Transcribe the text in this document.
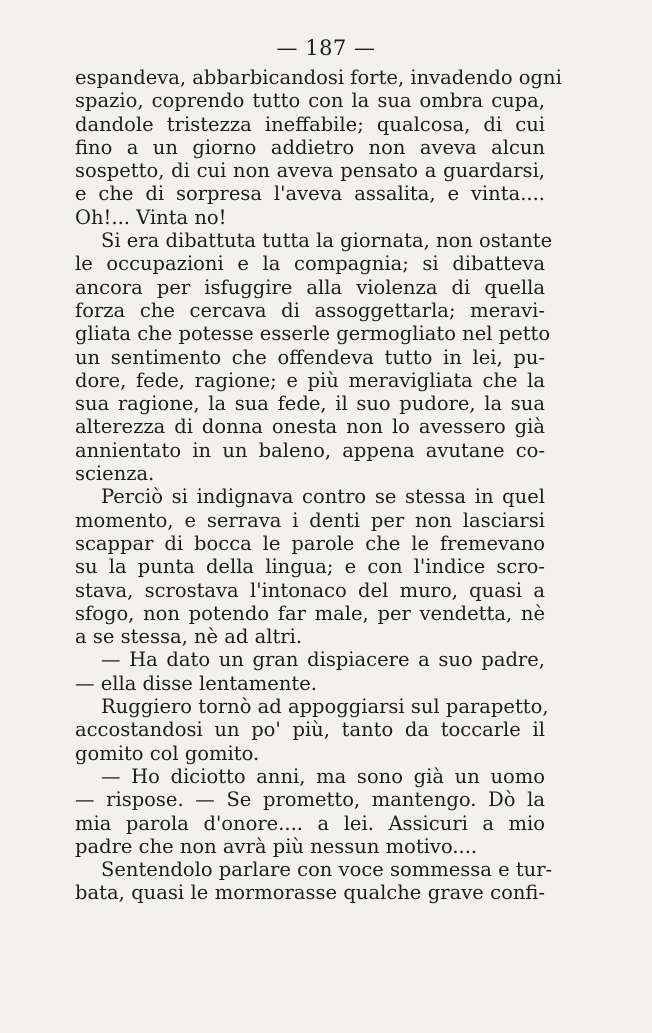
— 187 —
espandeva, abbarbicandosi forte, invadendo ogni
spazio, coprendo tutto con la sua ombra cupa,
dandole tristezza ineffabile; qualcosa, di cui
fino a un giorno addietro non aveva alcun
sospetto, di cui non aveva pensato a guardarsi,
e che di sorpresa l'aveva assalita, e vinta....
Oh!... Vinta no!
Si era dibattuta tutta la giornata, non ostante
le occupazioni e la compagnia; si dibatteva
ancora per isfuggire alla violenza di quella
forza che cercava di assoggettarla; meravi-
gliata che potesse esserle germogliato nel petto
un sentimento che offendeva tutto in lei, pu-
dore, fede, ragione; e più meravigliata che la
sua ragione, la sua fede, il suo pudore, la sua
alterezza di donna onesta non lo avessero già
annientato in un baleno, appena avutane co-
scienza.
Perciò si indignava contro se stessa in quel
momento, e serrava i denti per non lasciarsi
scappar di bocca le parole che le fremevano
su la punta della lingua; e con l'indice scro-
stava, scrostava l'intonaco del muro, quasi a
sfogo, non potendo far male, per vendetta, nè
a se stessa, nè ad altri.
— Ha dato un gran dispiacere a suo padre,
— ella disse lentamente.
Ruggiero tornò ad appoggiarsi sul parapetto,
accostandosi un po' più, tanto da toccarle il
gomito col gomito.
— Ho diciotto anni, ma sono già un uomo
— rispose. — Se prometto, mantengo. Dò la
mia parola d'onore.... a lei. Assicuri a mio
padre che non avrà più nessun motivo....
Sentendolo parlare con voce sommessa e tur-
bata, quasi le mormorasse qualche grave confi-
